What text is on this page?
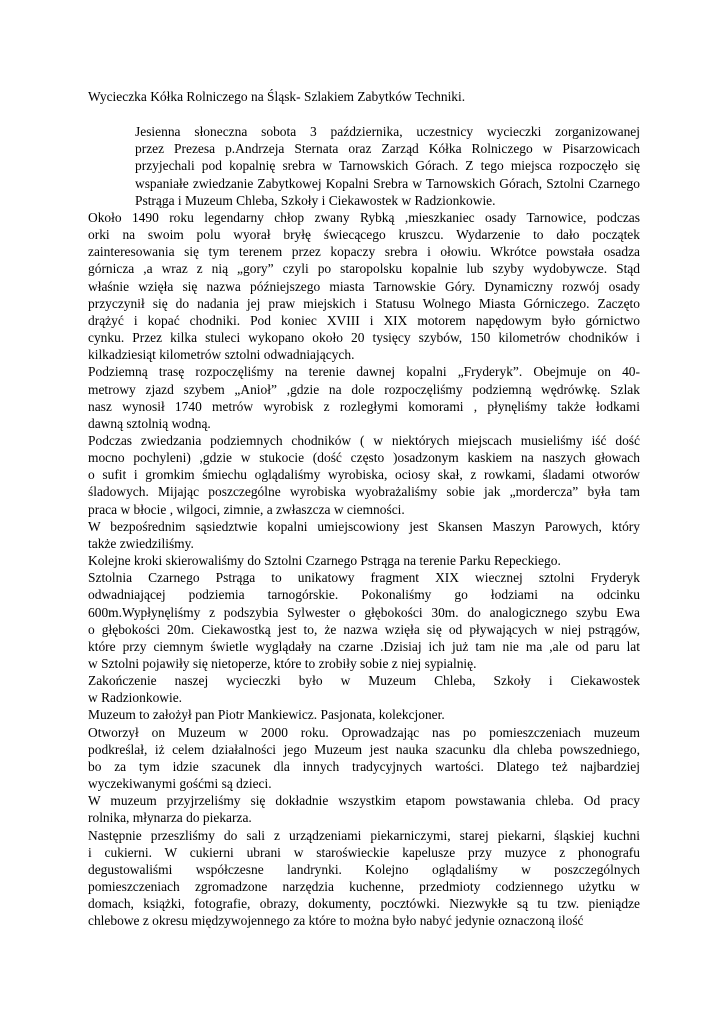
Wycieczka Kółka Rolniczego na Śląsk- Szlakiem Zabytków Techniki.

Jesienna słoneczna sobota 3 października, uczestnicy wycieczki zorganizowanej
przez Prezesa p.Andrzeja Sternata oraz Zarząd Kółka Rolniczego w Pisarzowicach
przyjechali pod kopalnię srebra w Tarnowskich Górach. Z tego miejsca rozpoczęło się
wspaniałe zwiedzanie Zabytkowej Kopalni Srebra w Tarnowskich Górach, Sztolni Czarnego
Pstrąga i Muzeum Chleba, Szkoły i Ciekawostek w Radzionkowie.

Około 1490 roku legendarny chłop zwany Rybką ,mieszkaniec osady Tarnowice, podczas
orki na swoim polu wyorał bryłę świecącego kruszcu. Wydarzenie to dało początek
zainteresowania się tym terenem przez kopaczy srebra i ołowiu. Wkrótce powstała osadza
górnicza ,a wraz z nią „gory” czyli po staropolsku kopalnie lub szyby wydobywcze. Stąd
właśnie wzięła się nazwa późniejszego miasta Tarnowskie Góry. Dynamiczny rozwój osady
przyczynił się do nadania jej praw miejskich i Statusu Wolnego Miasta Górniczego. Zaczęto
drążyć i kopać chodniki. Pod koniec XVIII i XIX motorem napędowym było górnictwo
cynku. Przez kilka stuleci wykopano około 20 tysięcy szybów, 150 kilometrów chodników i
kilkadziesiąt kilometrów sztolni odwadniających.

Podziemną trasę rozpoczęliśmy na terenie dawnej kopalni „Fryderyk”. Obejmuje on 40-
metrowy zjazd szybem „Anioł” ,gdzie na dole rozpoczęliśmy podziemną wędrówkę. Szlak
nasz wynosił 1740 metrów wyrobisk z rozległymi komorami , płynęliśmy także łodkami
dawną sztolnią wodną.

Podczas zwiedzania podziemnych chodników ( w niektórych miejscach musieliśmy iść dość
mocno pochyleni) ,gdzie w stukocie (dość często )osadzonym kaskiem na naszych głowach
o sufit i gromkim śmiechu oglądaliśmy wyrobiska, ociosy skał, z rowkami, śladami otworów
śladowych. Mijając poszczególne wyrobiska wyobrażaliśmy sobie jak „mordercza” była tam
praca w błocie , wilgoci, zimnie, a zwłaszcza w ciemności.

W bezpośrednim sąsiedztwie kopalni umiejscowiony jest Skansen Maszyn Parowych, który
także zwiedziliśmy.

Kolejne kroki skierowaliśmy do Sztolni Czarnego Pstrąga na terenie Parku Repeckiego.

Sztolnia Czarnego Pstrąga to unikatowy fragment XIX wiecznej sztolni Fryderyk
odwadniającej podziemia tarnogórskie. Pokonaliśmy go łodziami na odcinku
600m.Wypłynęliśmy z podszybia Sylwester o głębokości 30m. do analogicznego szybu Ewa
o głębokości 20m. Ciekawostką jest to, że nazwa wzięła się od pływających w niej pstrągów,
które przy ciemnym świetle wyglądały na czarne .Dzisiaj ich już tam nie ma ,ale od paru lat
w Sztolni pojawiły się nietoperze, które to zrobiły sobie z niej sypialnię.

Zakończenie naszej wycieczki było w Muzeum Chleba, Szkoły i Ciekawostek
w Radzionkowie.

Muzeum to założył pan Piotr Mankiewicz. Pasjonata, kolekcjoner.

Otworzył on Muzeum w 2000 roku. Oprowadzając nas po pomieszczeniach muzeum
podkreślał, iż celem działalności jego Muzeum jest nauka szacunku dla chleba powszedniego,
bo za tym idzie szacunek dla innych tradycyjnych wartości. Dlatego też najbardziej
wyczekiwanymi gośćmi są dzieci.

W muzeum przyjrzeliśmy się dokładnie wszystkim etapom powstawania chleba. Od pracy
rolnika, młynarza do piekarza.

Następnie przeszliśmy do sali z urządzeniami piekarniczymi, starej piekarni, śląskiej kuchni
i cukierni. W cukierni ubrani w staroświeckie kapelusze przy muzyce z phonografu
degustowaliśmi współczesne landrynki. Kolejno oglądaliśmy w poszczególnych
pomieszczeniach zgromadzone narzędzia kuchenne, przedmioty codziennego użytku w
domach, książki, fotografie, obrazy, dokumenty, pocztówki. Niezwykłe są tu tzw. pieniądze
chlebowe z okresu międzywojennego za które to można było nabyć jedynie oznaczoną ilość
